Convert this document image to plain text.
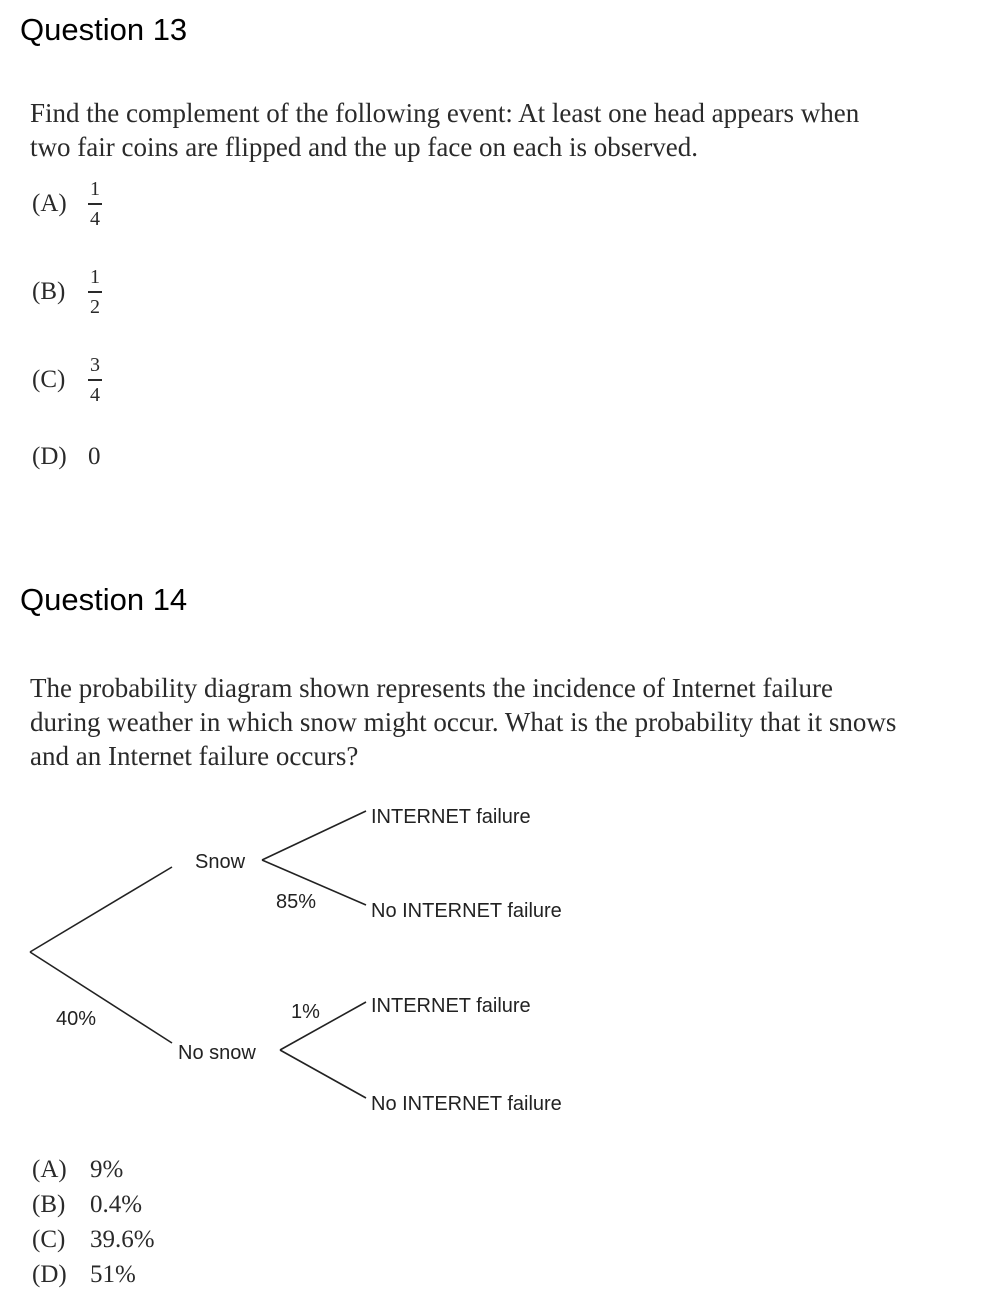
Question 13
Find the complement of the following event: At least one head appears when two fair coins are flipped and the up face on each is observed.
(A)	$\frac{1}{4}$
(B)	$\frac{1}{2}$
(C)	$\frac{3}{4}$
(D) 0
Question 14
The probability diagram shown represents the incidence of Internet failure during weather in which snow might occur. What is the probability that it snows and an Internet failure occurs?
Snow
No snow
40%
85%
1%
INTERNET failure
No INTERNET failure
INTERNET failure
No INTERNET failure
(A) 9%
(B) 0.4%
(C) 39.6%
(D) 51%
